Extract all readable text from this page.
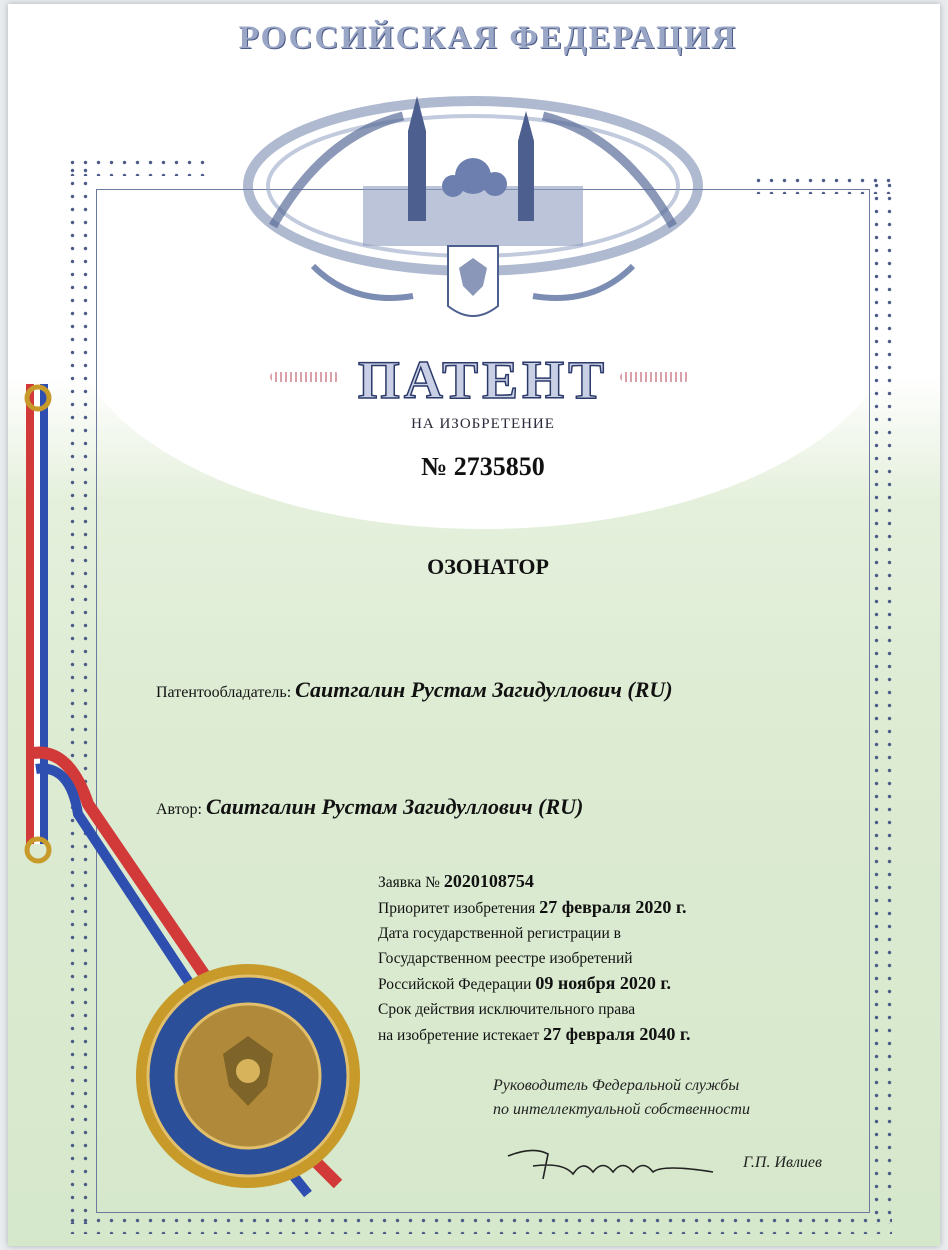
РОССИЙСКАЯ ФЕДЕРАЦИЯ
ПАТЕНТ
НА ИЗОБРЕТЕНИЕ
№ 2735850
ОЗОНАТОР
Патентообладатель: Саитгалин Рустам Загидуллович (RU)
Автор: Саитгалин Рустам Загидуллович (RU)
Заявка № 2020108754
Приоритет изобретения 27 февраля 2020 г.
Дата государственной регистрации в
Государственном реестре изобретений
Российской Федерации 09 ноября 2020 г.
Срок действия исключительного права
на изобретение истекает 27 февраля 2040 г.
Руководитель Федеральной службы
по интеллектуальной собственности
Г.П. Ивлиев
